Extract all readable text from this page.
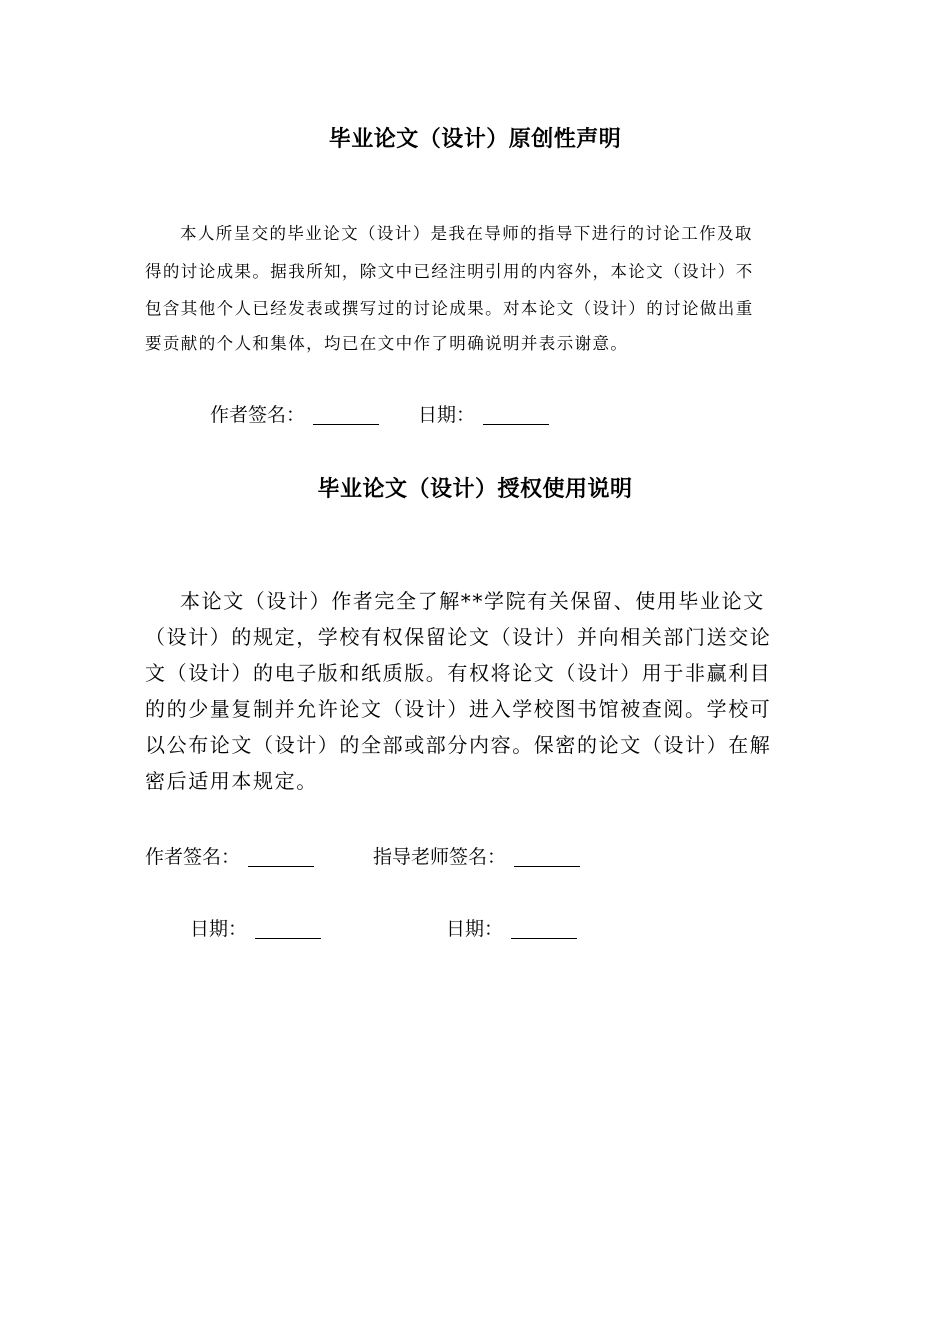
毕业论文（设计）原创性声明
本人所呈交的毕业论文（设计）是我在导师的指导下进行的讨论工作及取
得的讨论成果。据我所知，除文中已经注明引用的内容外，本论文（设计）不
包含其他个人已经发表或撰写过的讨论成果。对本论文（设计）的讨论做出重
要贡献的个人和集体，均已在文中作了明确说明并表示谢意。
作者签名：	日期：
毕业论文（设计）授权使用说明
本论文（设计）作者完全了解**学院有关保留、使用毕业论文
（设计）的规定，学校有权保留论文（设计）并向相关部门送交论
文（设计）的电子版和纸质版。有权将论文（设计）用于非赢利目
的的少量复制并允许论文（设计）进入学校图书馆被查阅。学校可
以公布论文（设计）的全部或部分内容。保密的论文（设计）在解
密后适用本规定。
作者签名：	指导老师签名：
日期：	日期：
